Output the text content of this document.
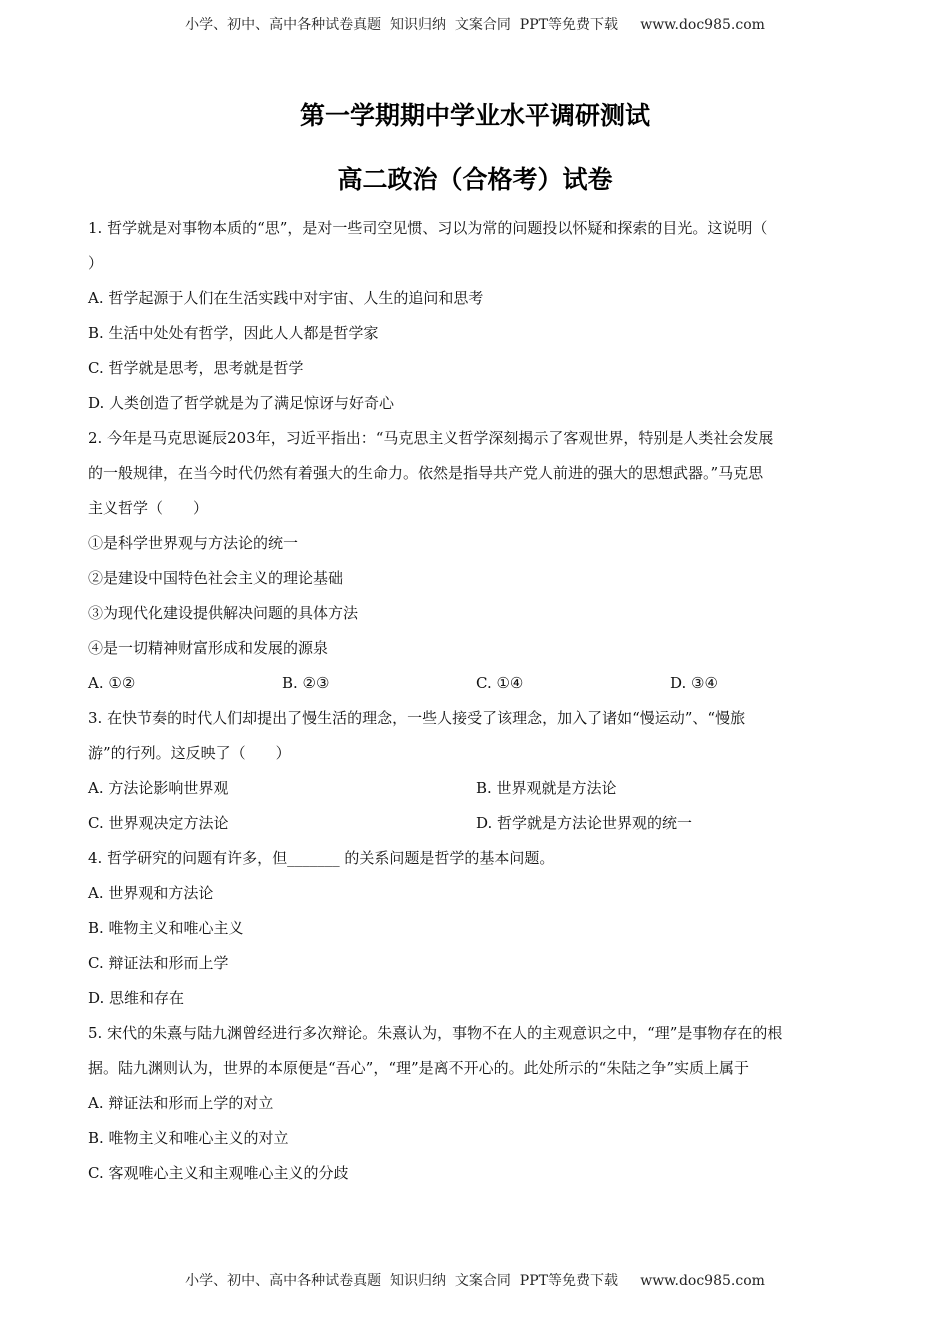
小学、初中、高中各种试卷真题  知识归纳  文案合同  PPT等免费下载     www.doc985.com
第一学期期中学业水平调研测试
高二政治（合格考）试卷
1. 哲学就是对事物本质的“思”，是对一些司空见惯、习以为常的问题投以怀疑和探索的目光。这说明（
）
A. 哲学起源于人们在生活实践中对宇宙、人生的追问和思考
B. 生活中处处有哲学，因此人人都是哲学家
C. 哲学就是思考，思考就是哲学
D. 人类创造了哲学就是为了满足惊讶与好奇心
2. 今年是马克思诞辰203年，习近平指出：“马克思主义哲学深刻揭示了客观世界，特别是人类社会发展
的一般规律，在当今时代仍然有着强大的生命力。依然是指导共产党人前进的强大的思想武器。”马克思
主义哲学（　　）
①是科学世界观与方法论的统一
②是建设中国特色社会主义的理论基础
③为现代化建设提供解决问题的具体方法
④是一切精神财富形成和发展的源泉
A. ①②	B. ②③	C. ①④	D. ③④
3. 在快节奏的时代人们却提出了慢生活的理念，一些人接受了该理念，加入了诸如“慢运动”、“慢旅
游”的行列。这反映了（　　）
A. 方法论影响世界观	B. 世界观就是方法论
C. 世界观决定方法论	D. 哲学就是方法论世界观的统一
4. 哲学研究的问题有许多，但_______ 的关系问题是哲学的基本问题。
A. 世界观和方法论
B. 唯物主义和唯心主义
C. 辩证法和形而上学
D. 思维和存在
5. 宋代的朱熹与陆九渊曾经进行多次辩论。朱熹认为，事物不在人的主观意识之中，“理”是事物存在的根
据。陆九渊则认为，世界的本原便是“吾心”，“理”是离不开心的。此处所示的“朱陆之争”实质上属于
A. 辩证法和形而上学的对立
B. 唯物主义和唯心主义的对立
C. 客观唯心主义和主观唯心主义的分歧
小学、初中、高中各种试卷真题  知识归纳  文案合同  PPT等免费下载     www.doc985.com
